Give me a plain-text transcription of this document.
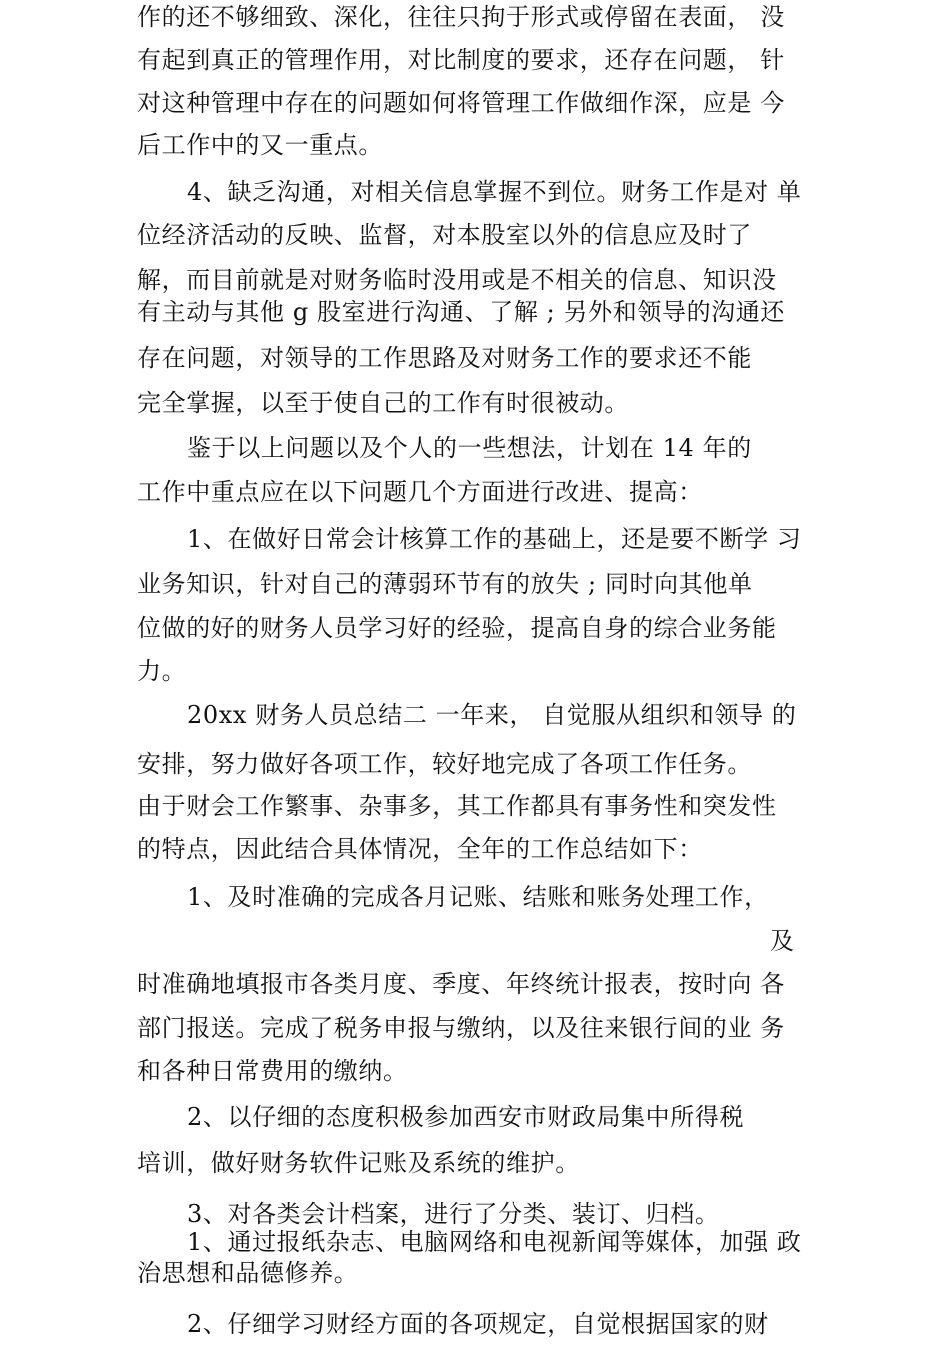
作的还不够细致、深化，往往只拘于形式或停留在表面， 没
有起到真正的管理作用，对比制度的要求，还存在问题， 针
对这种管理中存在的问题如何将管理工作做细作深，应是 今
后工作中的又一重点。
4、缺乏沟通，对相关信息掌握不到位。财务工作是对 单
位经济活动的反映、监督，对本股室以外的信息应及时了
解，而目前就是对财务临时没用或是不相关的信息、知识没
有主动与其他 g 股室进行沟通、了解 ; 另外和领导的沟通还
存在问题，对领导的工作思路及对财务工作的要求还不能
完全掌握，以至于使自己的工作有时很被动。
鉴于以上问题以及个人的一些想法，计划在 14 年的
工作中重点应在以下问题几个方面进行改进、提高：
1、在做好日常会计核算工作的基础上，还是要不断学 习
业务知识，针对自己的薄弱环节有的放失 ; 同时向其他单
位做的好的财务人员学习好的经验，提高自身的综合业务能
力。
20xx 财务人员总结二 一年来， 自觉服从组织和领导 的
安排，努力做好各项工作，较好地完成了各项工作任务。
由于财会工作繁事、杂事多，其工作都具有事务性和突发性
的特点，因此结合具体情况，全年的工作总结如下：
1、及时准确的完成各月记账、结账和账务处理工作，
及
时准确地填报市各类月度、季度、年终统计报表，按时向 各
部门报送。完成了税务申报与缴纳，以及往来银行间的业 务
和各种日常费用的缴纳。
2、以仔细的态度积极参加西安市财政局集中所得税
培训，做好财务软件记账及系统的维护。
3、对各类会计档案，进行了分类、装订、归档。
1、通过报纸杂志、电脑网络和电视新闻等媒体，加强 政
治思想和品德修养。
2、仔细学习财经方面的各项规定，自觉根据国家的财
